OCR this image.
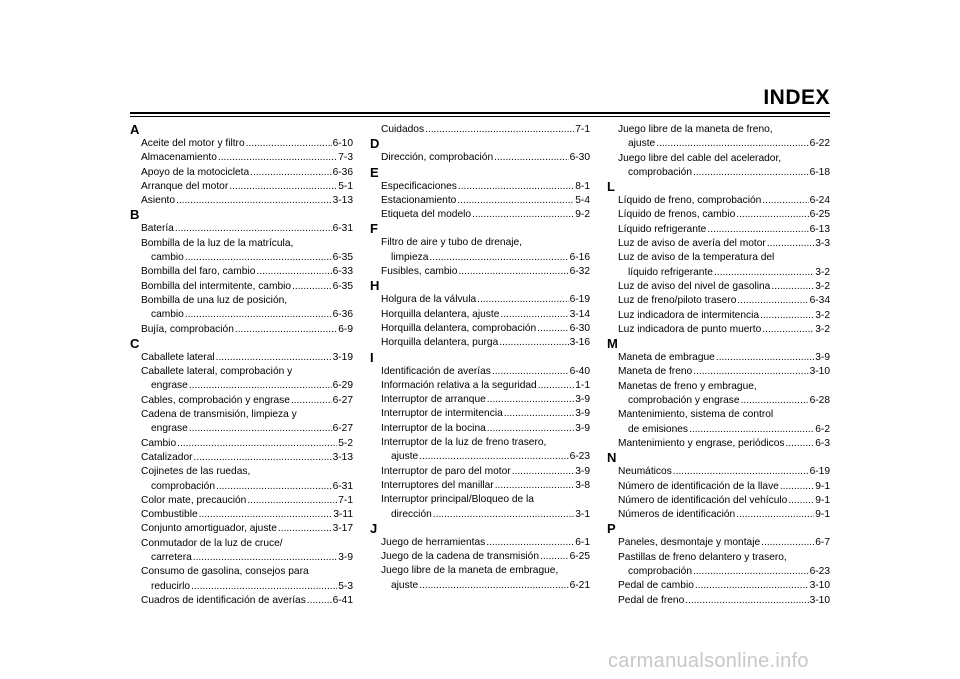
INDEX
A
Aceite del motor y filtro .....	6-10
Almacenamiento .....	7-3
Apoyo de la motocicleta .....	6-36
Arranque del motor .....	5-1
Asiento .....	3-13
B
Batería .....	6-31
Bombilla de la luz de la matrícula,
cambio .....	6-35
Bombilla del faro, cambio .....	6-33
Bombilla del intermitente, cambio .....	6-35
Bombilla de una luz de posición,
cambio .....	6-36
Bujía, comprobación .....	6-9
C
Caballete lateral .....	3-19
Caballete lateral, comprobación y
engrase .....	6-29
Cables, comprobación y engrase .....	6-27
Cadena de transmisión, limpieza y
engrase .....	6-27
Cambio .....	5-2
Catalizador .....	3-13
Cojinetes de las ruedas,
comprobación .....	6-31
Color mate, precaución .....	7-1
Combustible .....	3-11
Conjunto amortiguador, ajuste .....	3-17
Conmutador de la luz de cruce/
carretera .....	3-9
Consumo de gasolina, consejos para
reducirlo .....	5-3
Cuadros de identificación de averías .....	6-41
Cuidados .....	7-1
D
Dirección, comprobación .....	6-30
E
Especificaciones .....	8-1
Estacionamiento .....	5-4
Etiqueta del modelo .....	9-2
F
Filtro de aire y tubo de drenaje,
limpieza .....	6-16
Fusibles, cambio .....	6-32
H
Holgura de la válvula .....	6-19
Horquilla delantera, ajuste .....	3-14
Horquilla delantera, comprobación .....	6-30
Horquilla delantera, purga .....	3-16
I
Identificación de averías .....	6-40
Información relativa a la seguridad .....	1-1
Interruptor de arranque .....	3-9
Interruptor de intermitencia .....	3-9
Interruptor de la bocina .....	3-9
Interruptor de la luz de freno trasero,
ajuste .....	6-23
Interruptor de paro del motor .....	3-9
Interruptores del manillar .....	3-8
Interruptor principal/Bloqueo de la
dirección .....	3-1
J
Juego de herramientas .....	6-1
Juego de la cadena de transmisión .....	6-25
Juego libre de la maneta de embrague,
ajuste .....	6-21
Juego libre de la maneta de freno,
ajuste .....	6-22
Juego libre del cable del acelerador,
comprobación .....	6-18
L
Líquido de freno, comprobación .....	6-24
Líquido de frenos, cambio .....	6-25
Líquido refrigerante .....	6-13
Luz de aviso de avería del motor .....	3-3
Luz de aviso de la temperatura del
líquido refrigerante .....	3-2
Luz de aviso del nivel de gasolina .....	3-2
Luz de freno/piloto trasero .....	6-34
Luz indicadora de intermitencia .....	3-2
Luz indicadora de punto muerto .....	3-2
M
Maneta de embrague .....	3-9
Maneta de freno .....	3-10
Manetas de freno y embrague,
comprobación y engrase .....	6-28
Mantenimiento, sistema de control
de emisiones .....	6-2
Mantenimiento y engrase, periódicos .....	6-3
N
Neumáticos .....	6-19
Número de identificación de la llave .....	9-1
Número de identificación del vehículo .....	9-1
Números de identificación .....	9-1
P
Paneles, desmontaje y montaje .....	6-7
Pastillas de freno delantero y trasero,
comprobación .....	6-23
Pedal de cambio .....	3-10
Pedal de freno .....	3-10
carmanualsonline.info
